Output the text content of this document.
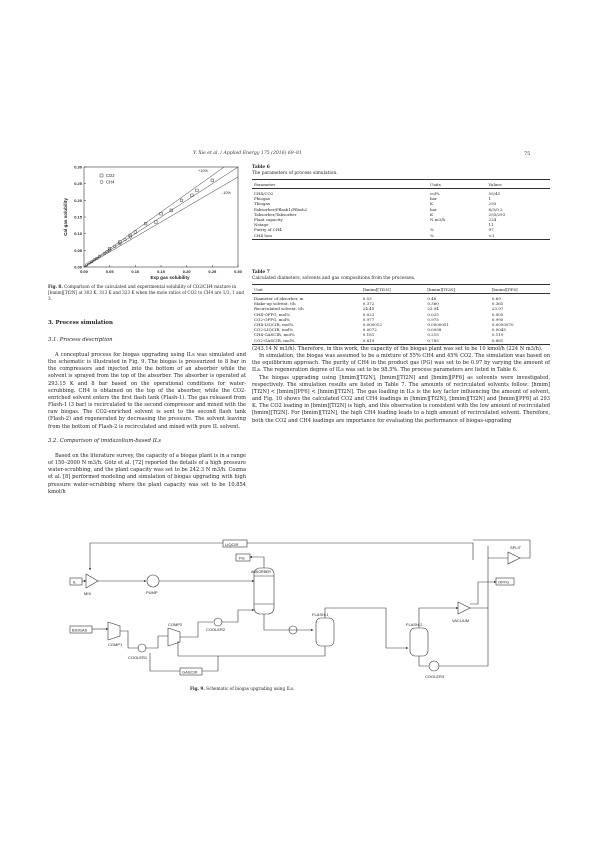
Y. Xie et al. / Applied Energy 175 (2016) 69–81	75
0.00	0.05	0.10	0.15	0.20	0.25	0.30
0.00
0.05
0.10
0.15
0.20
0.25
0.30
Exp gas solubility
Cal gas solubility
CO2
CH4
+10%
-10%
Fig. 8. Comparison of the calculated and experimental solubility of CO2/CH4 mixture in [bmim][Tf2N] at 303 K, 313 K and 323 K when the mole ratios of CO2 to CH4 are 1/3, 1 and 3.
3. Process simulation
3.1. Process description

A conceptual process for biogas upgrading using ILs was simulated and the schematic is illustrated in Fig. 9. The biogas is pressurized to 8 bar in the compressors and injected into the bottom of an absorber while the solvent is sprayed from the top of the absorber. The absorber is operated at 293.15 K and 8 bar based on the operational conditions for water-scrubbing. CH4 is obtained on the top of the absorber, while the CO2-enriched solvent enters the first flash tank (Flash-1). The gas released from Flash-1 (3 bar) is recirculated to the second compressor and mixed with the raw biogas. The CO2-enriched solvent is sent to the second flash tank (Flash-2) and regenerated by decreasing the pressure. The solvent leaving from the bottom of Flash-2 is recirculated and mixed with pure IL solvent.

3.2. Comparison of imidazolium-based ILs

Based on the literature survey, the capacity of a biogas plant is in a range of 150–2000 N m3/h. Götz et al. [72] reported the details of a high pressure water-scrubbing, and the plant capacity was set to be 242.3 N m3/h. Cozma et al. [8] performed modeling and simulation of biogas upgrading with high pressure water-scrubbing where the plant capacity was set to be 10.854 kmol/h

Table 6
The parameters of process simulation.
Parameter	Units	Values
CH4/CO2	vol%	55/45
Pbiogas	bar	1
Tbiogas	K	293
Pabsorber/Pflash1/Pflash2	bar	8/3/0.2
Tabsorber/Tabsorber	K	293/293
Plant capacity	N m3/h	224
Nstage		11
Purity of CH4	%	97
CH4 loss	%	<1
Table 7
Calculated diameters, solvents and gas compositions from the processes.
Unit	[hmim][Tf2N]	[bmim][Tf2N]	[bmim][PF6]
Diameter of absorber, m	0.53	0.46	0.69
Make-up solvent, t/h	0.372	0.360	0.365
Recirculated solvent, t/h	24.45	23.94	23.97
CH4-OFFG, mol%	0.023	0.025	0.005
CO2-OFFG, mol%	0.977	0.975	0.995
CH4-LIQCIR, mol%	0.000012	0.0000051	0.0000070
CO2-LIQCIR, mol%	0.0072	0.0058	0.0045
CH4-GASCIR, mol%	0.181	0.215	0.119
CO2-GASCIR, mol%	0.819	0.785	0.881

(243.14 N m3/h). Therefore, in this work, the capacity of the biogas plant was set to be 10 kmol/h (224 N m3/h).

In simulation, the biogas was assumed to be a mixture of 55% CH4 and 45% CO2. The simulation was based on the equilibrium approach. The purity of CH4 in the product gas (PG) was set to be 0.97 by varying the amount of ILs. The regeneration degree of ILs was set to be 98.5%. The process parameters are listed in Table 6.

The biogas upgrading using [hmim][Tf2N], [bmim][Tf2N] and [bmim][PF6] as solvents were investigated, respectively. The simulation results are listed in Table 7. The amounts of recirculated solvents follow: [hmim][Tf2N] < [bmim][PF6] < [hmim][Tf2N]. The gas loading in ILs is the key factor influencing the amount of solvent, and Fig. 10 shows the calculated CO2 and CH4 loadings in [hmim][Tf2N], [bmim][Tf2N] and [bmim][PF6] at 293 K. The CO2 loading in [bmim][Tf2N] is high, and this observation is consistent with the low amount of recirculated [bmim][Tf2N]. For [bmim][Tf2N], the high CH4 loading leads to a high amount of recirculated solvent. Therefore, both the CO2 and CH4 loadings are importance for evaluating the performance of biogas-upgrading

LIQCIR
PG
IL
MIX	PUMP
ABSORBER
BIOGAS
COMP1
COOLER1
COMP2
COOLER2
GASCIR
FLASH-1
FLASH-2
COOLER3
VACUUM
OFFG
SPLIT
Fig. 9. Schematic of biogas upgrading using ILs.
